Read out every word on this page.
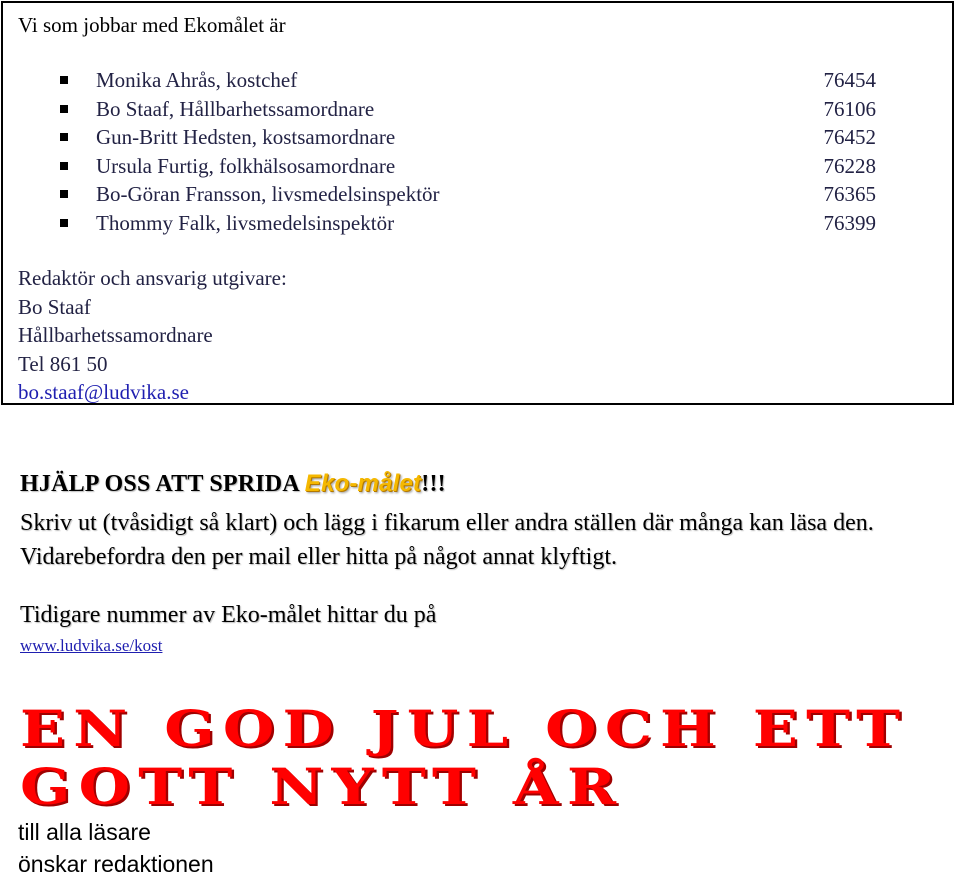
Vi som jobbar med Ekomålet är
Monika Ahrås, kostchef	76454
Bo Staaf, Hållbarhetssamordnare	76106
Gun-Britt Hedsten, kostsamordnare	76452
Ursula Furtig, folkhälsosamordnare	76228
Bo-Göran Fransson, livsmedelsinspektör	76365
Thommy Falk, livsmedelsinspektör	76399
Redaktör och ansvarig utgivare:
Bo Staaf
Hållbarhetssamordnare
Tel 861 50
bo.staaf@ludvika.se
HJÄLP OSS ATT SPRIDA Eko-målet!!!
Skriv ut (tvåsidigt så klart) och lägg i fikarum eller andra ställen där många kan läsa den. Vidarebefordra den per mail eller hitta på något annat klyftigt.
Tidigare nummer av Eko-målet hittar du på
www.ludvika.se/kost
EN GOD JUL OCH ETT
GOTT NYTT ÅR
till alla läsare
önskar redaktionen
